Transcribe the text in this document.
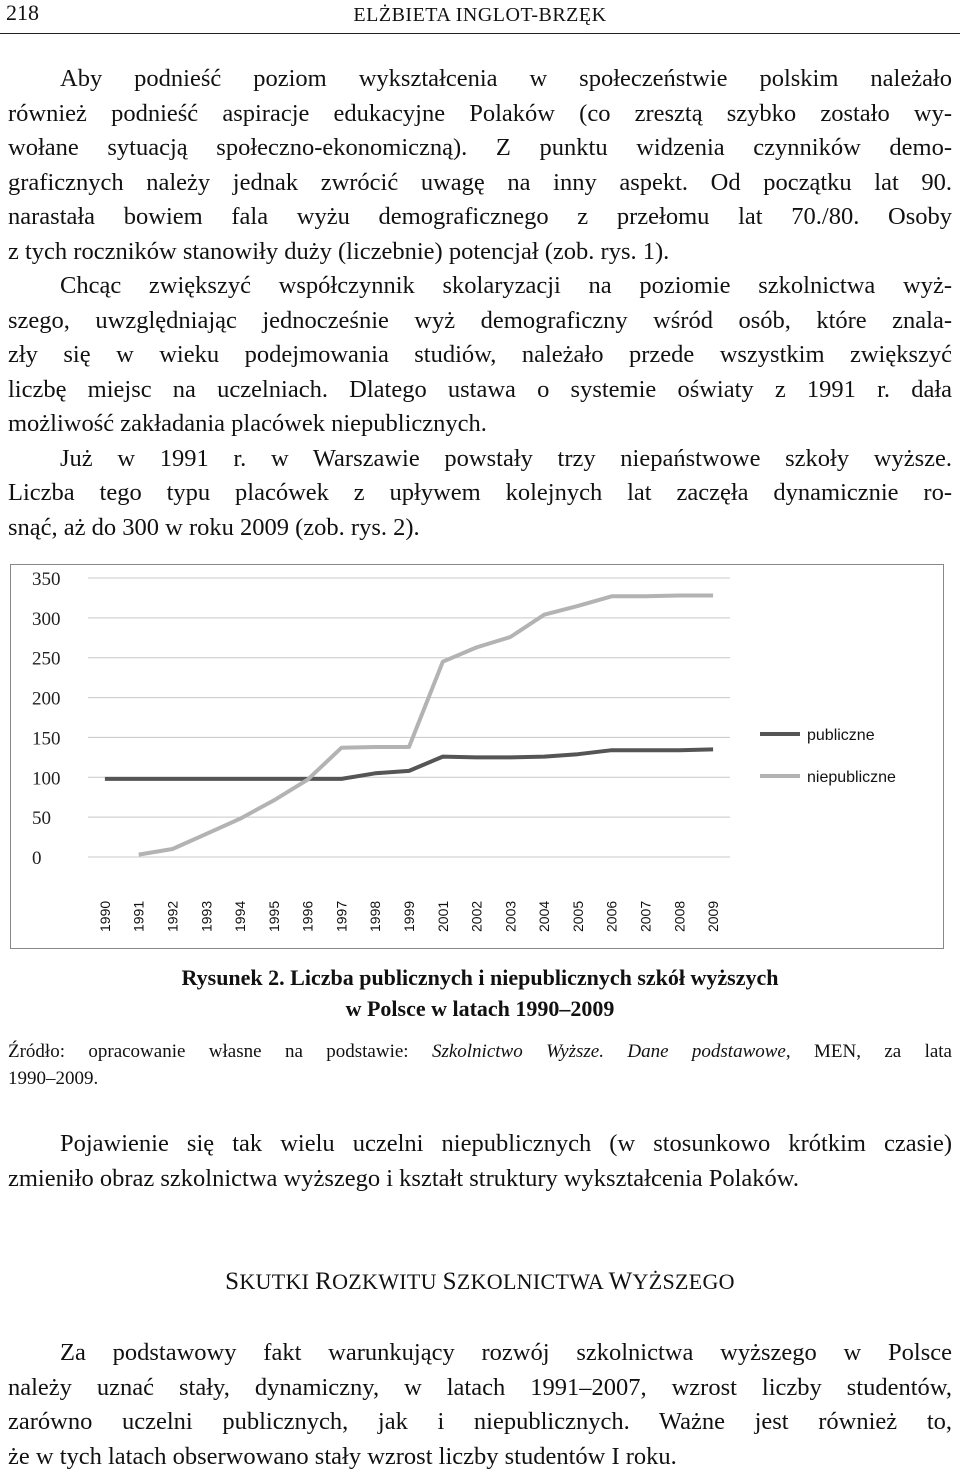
218	ELŻBIETA INGLOT-BRZĘK
Aby podnieść poziom wykształcenia w społeczeństwie polskim należało
również podnieść aspiracje edukacyjne Polaków (co zresztą szybko zostało wy-
wołane sytuacją społeczno-ekonomiczną). Z punktu widzenia czynników demo-
graficznych należy jednak zwrócić uwagę na inny aspekt. Od początku lat 90.
narastała bowiem fala wyżu demograficznego z przełomu lat 70./80. Osoby
z tych roczników stanowiły duży (liczebnie) potencjał (zob. rys. 1).
Chcąc zwiększyć współczynnik skolaryzacji na poziomie szkolnictwa wyż-
szego, uwzględniając jednocześnie wyż demograficzny wśród osób, które znala-
zły się w wieku podejmowania studiów, należało przede wszystkim zwiększyć
liczbę miejsc na uczelniach. Dlatego ustawa o systemie oświaty z 1991 r. dała
możliwość zakładania placówek niepublicznych.
Już w 1991 r. w Warszawie powstały trzy niepaństwowe szkoły wyższe.
Liczba tego typu placówek z upływem kolejnych lat zaczęła dynamicznie ro-
snąć, aż do 300 w roku 2009 (zob. rys. 2).
350
300
250
200
150
100
50
0
1990 1991 1992 1993 1994 1995 1996 1997 1998 1999 2001 2002 2003 2004 2005 2006 2007 2008 2009
publiczne
niepubliczne
Rysunek 2. Liczba publicznych i niepublicznych szkół wyższych
w Polsce w latach 1990–2009
Źródło: opracowanie własne na podstawie: Szkolnictwo Wyższe. Dane podstawowe, MEN, za lata
1990–2009.
Pojawienie się tak wielu uczelni niepublicznych (w stosunkowo krótkim czasie)
zmieniło obraz szkolnictwa wyższego i kształt struktury wykształcenia Polaków.
SKUTKI ROZKWITU SZKOLNICTWA WYŻSZEGO
Za podstawowy fakt warunkujący rozwój szkolnictwa wyższego w Polsce
należy uznać stały, dynamiczny, w latach 1991–2007, wzrost liczby studentów,
zarówno uczelni publicznych, jak i niepublicznych. Ważne jest również to,
że w tych latach obserwowano stały wzrost liczby studentów I roku.
